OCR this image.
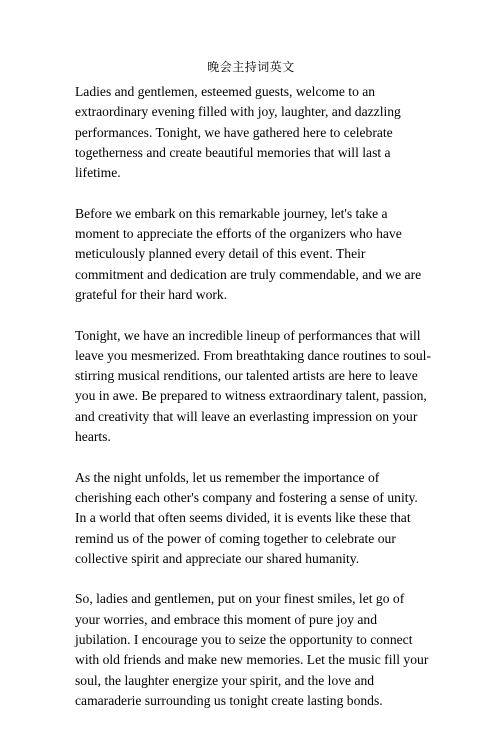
晚会主持词英文

Ladies and gentlemen, esteemed guests, welcome to an extraordinary evening filled with joy, laughter, and dazzling performances. Tonight, we have gathered here to celebrate togetherness and create beautiful memories that will last a lifetime.

Before we embark on this remarkable journey, let's take a moment to appreciate the efforts of the organizers who have meticulously planned every detail of this event. Their commitment and dedication are truly commendable, and we are grateful for their hard work.

Tonight, we have an incredible lineup of performances that will leave you mesmerized. From breathtaking dance routines to soul-stirring musical renditions, our talented artists are here to leave you in awe. Be prepared to witness extraordinary talent, passion, and creativity that will leave an everlasting impression on your hearts.

As the night unfolds, let us remember the importance of cherishing each other's company and fostering a sense of unity. In a world that often seems divided, it is events like these that remind us of the power of coming together to celebrate our collective spirit and appreciate our shared humanity.

So, ladies and gentlemen, put on your finest smiles, let go of your worries, and embrace this moment of pure joy and jubilation. I encourage you to seize the opportunity to connect with old friends and make new memories. Let the music fill your soul, the laughter energize your spirit, and the love and camaraderie surrounding us tonight create lasting bonds.
